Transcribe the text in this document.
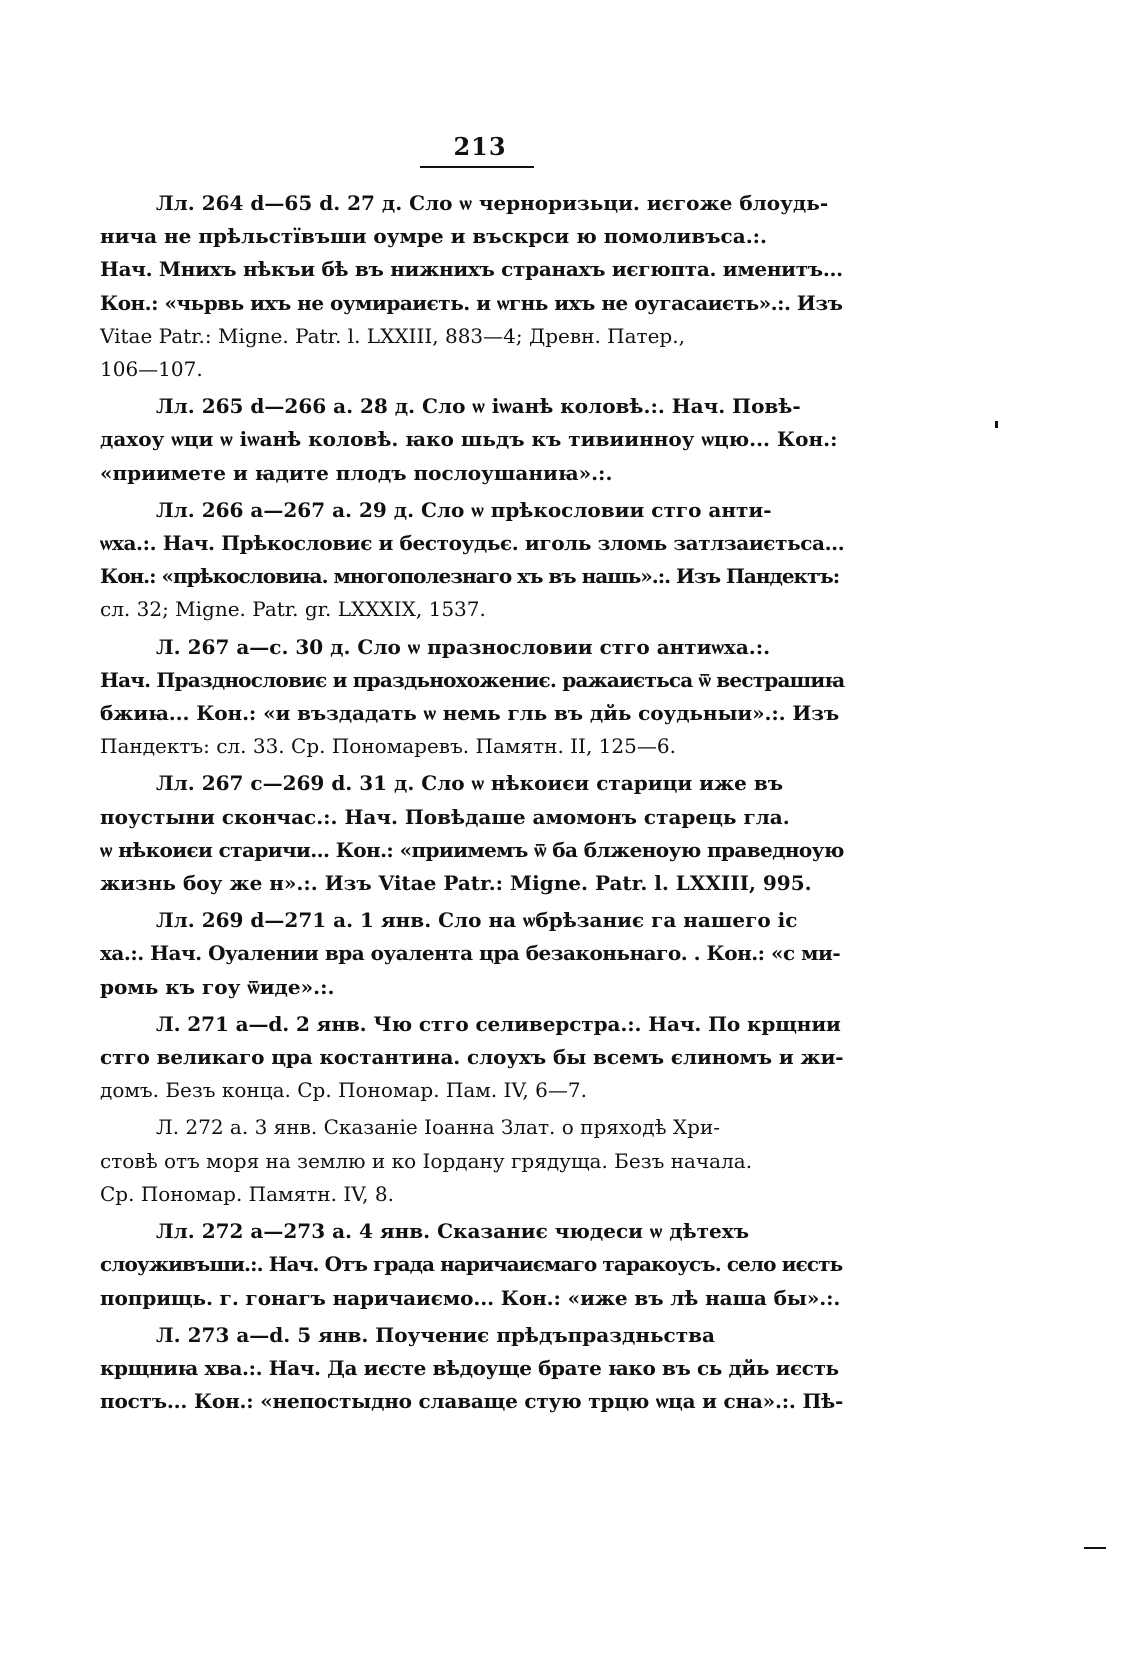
213

Лл. 264 d—65 d. 27 д. Сло ѡ черноризьци. иєгоже блоудь-
нича не прѣльстївъши оумре и въскрси ю помоливъса.:.
Нач. Мнихъ нѣкъи бѣ въ нижнихъ странахъ иєгюпта. именитъ...
Кон.: «чьрвь ихъ не оумираиєть. и ѡгнь ихъ не оугасаиєть».:. Изъ
Vitae Patr.: Migne. Patr. l. LXXIII, 883—4; Древн. Патер.,
106—107.

Лл. 265 d—266 а. 28 д. Сло ѡ іѡанѣ коловѣ.:. Нач. Повѣ-
дахоу ѡци ѡ іѡанѣ коловѣ. ꙗко шьдъ къ тивиинноу ѡцю... Кон.:
«приимете и ꙗдите плодъ послоушаниꙗ».:.

Лл. 266 а—267 а. 29 д. Сло ѡ прѣкословии стго анти-
ѡха.:. Нач. Прѣкословиє и бестоудьє. иголь зломь затлзаиєтьса...
Кон.: «прѣкословиꙗ. многополезнаго хъ въ нашь».:. Изъ Пандектъ:
сл. 32; Migne. Patr. gr. LXXXIX, 1537.

Л. 267 а—с. 30 д. Сло ѡ празнословии стго антиѡха.:.
Нач. Празднословиє и праздьнохожениє. ражаиєтьса ѿ вестрашиꙗ
бжиꙗ... Кон.: «и въздадать ѡ немь гль въ дйь соудьныи».:. Изъ
Пандектъ: сл. 33. Ср. Пономаревъ. Памятн. II, 125—6.

Лл. 267 с—269 d. 31 д. Сло ѡ нѣкоиєи старици иже въ
поустыни скончас.:. Нач. Повѣдаше амомонъ старець гла.
ѡ нѣкоиєи старичи... Кон.: «приимемъ ѿ ба блженоую праведноую
жизнь боу же н».:. Изъ Vitae Patr.: Migne. Patr. l. LXXIII, 995.

Лл. 269 d—271 а. 1 янв. Сло на ѡбрѣзаниє га нашего іс
ха.:. Нач. Оуалении вра оуалента цра безаконьнаго. . Кон.: «с ми-
ромь къ гоу ѿиде».:.

Л. 271 а—d. 2 янв. Чю стго селиверстра.:. Нач. По крщнии
стго великаго цра костантина. слоухъ бы всемъ єлиномъ и жи-
домъ. Безъ конца. Ср. Пономар. Пам. IV, 6—7.

Л. 272 а. 3 янв. Сказаніе Іоанна Злат. о пряходѣ Хри-
стовѣ отъ моря на землю и ко Іордану грядуща. Безъ начала.
Ср. Пономар. Памятн. IV, 8.

Лл. 272 а—273 а. 4 янв. Сказаниє чюдеси ѡ дѣтехъ
слоуживъши.:. Нач. Отъ града наричаиємаго таракоусъ. село иєсть
поприщь. г. гонагъ наричаиємо... Кон.: «иже въ лѣ наша бы».:.

Л. 273 а—d. 5 янв. Поучениє прѣдъпраздньства
крщниꙗ хва.:. Нач. Да иєсте вѣдоуще брате ꙗко въ сь дйь иєсть
постъ... Кон.: «непостыдно славаще стую трцю ѡца и сна».:. Пѣ-
